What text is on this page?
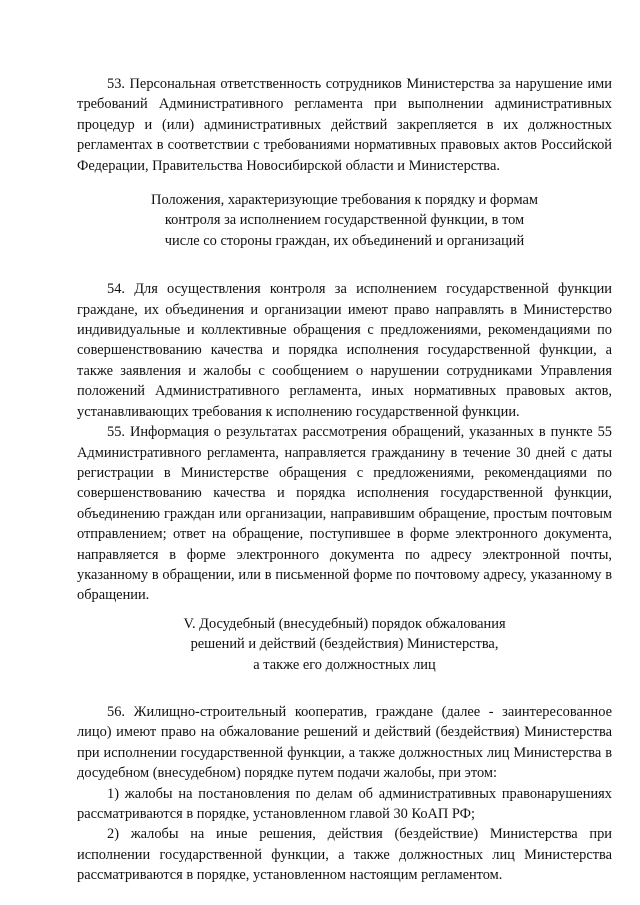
53. Персональная ответственность сотрудников Министерства за нарушение ими требований Административного регламента при выполнении административных процедур и (или) административных действий закрепляется в их должностных регламентах в соответствии с требованиями нормативных правовых актов Российской Федерации, Правительства Новосибирской области и Министерства.

Положения, характеризующие требования к порядку и формам
контроля за исполнением государственной функции, в том
числе со стороны граждан, их объединений и организаций

54. Для осуществления контроля за исполнением государственной функции граждане, их объединения и организации имеют право направлять в Министерство индивидуальные и коллективные обращения с предложениями, рекомендациями по совершенствованию качества и порядка исполнения государственной функции, а также заявления и жалобы с сообщением о нарушении сотрудниками Управления положений Административного регламента, иных нормативных правовых актов, устанавливающих требования к исполнению государственной функции.

55. Информация о результатах рассмотрения обращений, указанных в пункте 55 Административного регламента, направляется гражданину в течение 30 дней с даты регистрации в Министерстве обращения с предложениями, рекомендациями по совершенствованию качества и порядка исполнения государственной функции, объединению граждан или организации, направившим обращение, простым почтовым отправлением; ответ на обращение, поступившее в форме электронного документа, направляется в форме электронного документа по адресу электронной почты, указанному в обращении, или в письменной форме по почтовому адресу, указанному в обращении.

V. Досудебный (внесудебный) порядок обжалования
решений и действий (бездействия) Министерства,
а также его должностных лиц

56. Жилищно-строительный кооператив, граждане (далее - заинтересованное лицо) имеют право на обжалование решений и действий (бездействия) Министерства при исполнении государственной функции, а также должностных лиц Министерства в досудебном (внесудебном) порядке путем подачи жалобы, при этом:

1) жалобы на постановления по делам об административных правонарушениях рассматриваются в порядке, установленном главой 30 КоАП РФ;

2) жалобы на иные решения, действия (бездействие) Министерства при исполнении государственной функции, а также должностных лиц Министерства рассматриваются в порядке, установленном настоящим регламентом.
